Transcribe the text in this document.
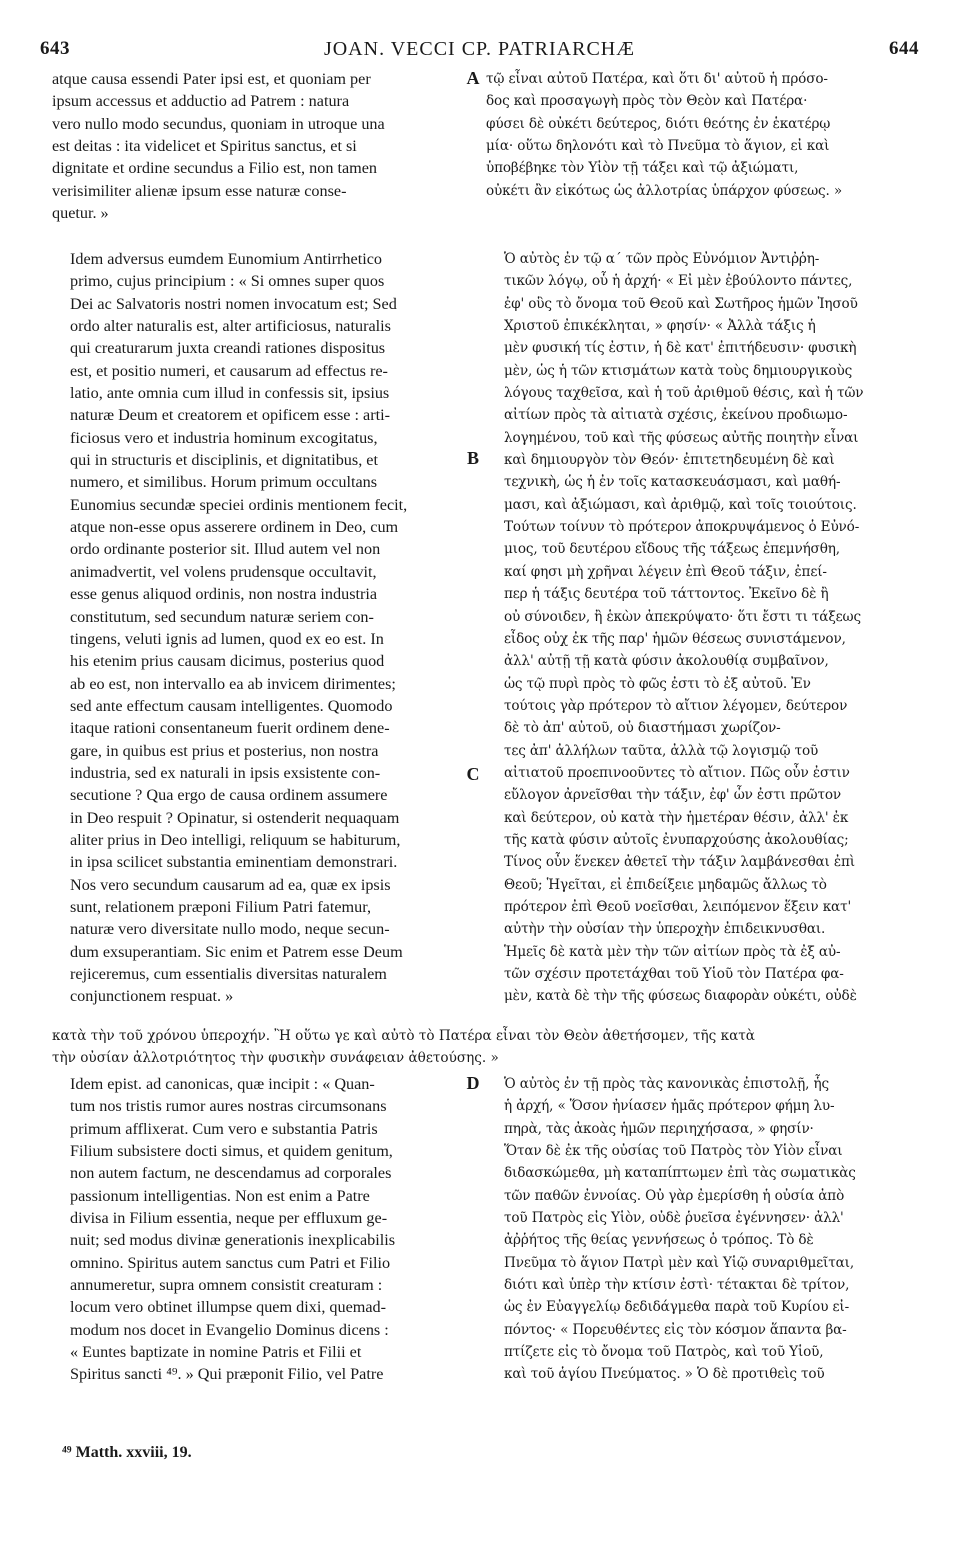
643	JOAN. VECCI CP. PATRIARCHÆ	644

atque causa essendi Pater ipsi est, et quoniam per
ipsum accessus et adductio ad Patrem : natura
vero nullo modo secundus, quoniam in utroque una
est deitas : ita videlicet et Spiritus sanctus, et si
dignitate et ordine secundus a Filio est, non tamen
verisimiliter alienæ ipsum esse naturæ conse-
quetur. »

A τῷ εἶναι αὐτοῦ Πατέρα, καὶ ὅτι δι' αὐτοῦ ἡ πρόσο-
δος καὶ προσαγωγὴ πρὸς τὸν Θεὸν καὶ Πατέρα·
φύσει δὲ οὐκέτι δεύτερος, διότι θεότης ἐν ἑκατέρῳ
μία· οὕτω δηλονότι καὶ τὸ Πνεῦμα τὸ ἅγιον, εἰ καὶ
ὑποβέβηκε τὸν Υἱὸν τῇ τάξει καὶ τῷ ἀξιώματι,
οὐκέτι ἂν εἰκότως ὡς ἀλλοτρίας ὑπάρχον φύσεως. »

Idem adversus eumdem Eunomium Antirrhetico
primo, cujus principium : « Si omnes super quos
Dei ac Salvatoris nostri nomen invocatum est; Sed
ordo alter naturalis est, alter artificiosus, naturalis
qui creaturarum juxta creandi rationes dispositus
est, et positio numeri, et causarum ad effectus re-
latio, ante omnia cum illud in confessis sit, ipsius
naturæ Deum et creatorem et opificem esse : arti-
ficiosus vero et industria hominum excogitatus,
qui in structuris et disciplinis, et dignitatibus, et
numero, et similibus. Horum primum occultans
Eunomius secundæ speciei ordinis mentionem fecit,
atque non-esse opus asserere ordinem in Deo, cum
ordo ordinante posterior sit. Illud autem vel non
animadvertit, vel volens prudensque occultavit,
esse genus aliquod ordinis, non nostra industria
constitutum, sed secundum naturæ seriem con-
tingens, veluti ignis ad lumen, quod ex eo est. In
his etenim prius causam dicimus, posterius quod
ab eo est, non intervallo ea ab invicem dirimentes;
sed ante effectum causam intelligentes. Quomodo
itaque rationi consentaneum fuerit ordinem dene-
gare, in quibus est prius et posterius, non nostra
industria, sed ex naturali in ipsis exsistente con-
secutione ? Qua ergo de causa ordinem assumere
in Deo respuit ? Opinatur, si ostenderit nequaquam
aliter prius in Deo intelligi, reliquum se habiturum,
in ipsa scilicet substantia eminentiam demonstrari.
Nos vero secundum causarum ad ea, quæ ex ipsis
sunt, relationem præponi Filium Patri fatemur,
naturæ vero diversitate nullo modo, neque secun-
dum exsuperantiam. Sic enim et Patrem esse Deum
rejiceremus, cum essentialis diversitas naturalem
conjunctionem respuat. »

B
C

Ὁ αὐτὸς ἐν τῷ α΄ τῶν πρὸς Εὐνόμιον Ἀντιῤῥη-
τικῶν λόγῳ, οὗ ἡ ἀρχή· « Εἰ μὲν ἐβούλοντο πάντες,
ἐφ' οὓς τὸ ὄνομα τοῦ Θεοῦ καὶ Σωτῆρος ἡμῶν Ἰησοῦ
Χριστοῦ ἐπικέκληται, » φησίν· « Ἀλλὰ τάξις ἡ
μὲν φυσική τίς ἐστιν, ἡ δὲ κατ' ἐπιτήδευσιν· φυσικὴ
μὲν, ὡς ἡ τῶν κτισμάτων κατὰ τοὺς δημιουργικοὺς
λόγους ταχθεῖσα, καὶ ἡ τοῦ ἀριθμοῦ θέσις, καὶ ἡ τῶν
αἰτίων πρὸς τὰ αἰτιατὰ σχέσις, ἐκείνου προδιωμο-
λογημένου, τοῦ καὶ τῆς φύσεως αὐτῆς ποιητὴν εἶναι
καὶ δημιουργὸν τὸν Θεόν· ἐπιτετηδευμένη δὲ καὶ
τεχνικὴ, ὡς ἡ ἐν τοῖς κατασκευάσμασι, καὶ μαθή-
μασι, καὶ ἀξιώμασι, καὶ ἀριθμῷ, καὶ τοῖς τοιούτοις.
Τούτων τοίνυν τὸ πρότερον ἀποκρυψάμενος ὁ Εὐνό-
μιος, τοῦ δευτέρου εἴδους τῆς τάξεως ἐπεμνήσθη,
καί φησι μὴ χρῆναι λέγειν ἐπὶ Θεοῦ τάξιν, ἐπεί-
περ ἡ τάξις δευτέρα τοῦ τάττοντος. Ἐκεῖνο δὲ ἢ
οὐ σύνοιδεν, ἢ ἑκὼν ἀπεκρύψατο· ὅτι ἔστι τι τάξεως
εἶδος οὐχ ἐκ τῆς παρ' ἡμῶν θέσεως συνιστάμενον,
ἀλλ' αὐτῇ τῇ κατὰ φύσιν ἀκολουθίᾳ συμβαῖνον,
ὡς τῷ πυρὶ πρὸς τὸ φῶς ἐστι τὸ ἐξ αὐτοῦ. Ἐν
τούτοις γὰρ πρότερον τὸ αἴτιον λέγομεν, δεύτερον
δὲ τὸ ἀπ' αὐτοῦ, οὐ διαστήμασι χωρίζον-
τες ἀπ' ἀλλήλων ταῦτα, ἀλλὰ τῷ λογισμῷ τοῦ
αἰτιατοῦ προεπινοοῦντες τὸ αἴτιον. Πῶς οὖν ἐστιν
εὔλογον ἀρνεῖσθαι τὴν τάξιν, ἐφ' ὧν ἐστι πρῶτον
καὶ δεύτερον, οὐ κατὰ τὴν ἡμετέραν θέσιν, ἀλλ' ἐκ
τῆς κατὰ φύσιν αὐτοῖς ἐνυπαρχούσης ἀκολουθίας;
Τίνος οὖν ἕνεκεν ἀθετεῖ τὴν τάξιν λαμβάνεσθαι ἐπὶ
Θεοῦ; Ἡγεῖται, εἰ ἐπιδείξειε μηδαμῶς ἄλλως τὸ
πρότερον ἐπὶ Θεοῦ νοεῖσθαι, λειπόμενον ἕξειν κατ'
αὐτὴν τὴν οὐσίαν τὴν ὑπεροχὴν ἐπιδεικνυσθαι.
Ἡμεῖς δὲ κατὰ μὲν τὴν τῶν αἰτίων πρὸς τὰ ἐξ αὐ-
τῶν σχέσιν προτετάχθαι τοῦ Υἱοῦ τὸν Πατέρα φα-
μὲν, κατὰ δὲ τὴν τῆς φύσεως διαφορὰν οὐκέτι, οὐδὲ

κατὰ τὴν τοῦ χρόνου ὑπεροχήν. Ἢ οὕτω γε καὶ αὐτὸ τὸ Πατέρα εἶναι τὸν Θεὸν ἀθετήσομεν, τῆς κατὰ
τὴν οὐσίαν ἀλλοτριότητος τὴν φυσικὴν συνάφειαν ἀθετούσης. »

Idem epist. ad canonicas, quæ incipit : « Quan-
tum nos tristis rumor aures nostras circumsonans
primum afflixerat. Cum vero e substantia Patris
Filium subsistere docti simus, et quidem genitum,
non autem factum, ne descendamus ad corporales
passionum intelligentias. Non est enim a Patre
divisa in Filium essentia, neque per effluxum ge-
nuit; sed modus divinæ generationis inexplicabilis
omnino. Spiritus autem sanctus cum Patri et Filio
annumeretur, supra omnem consistit creaturam :
locum vero obtinet illumpse quem dixi, quemad-
modum nos docet in Evangelio Dominus dicens :
« Euntes baptizate in nomine Patris et Filii et
Spiritus sancti ⁴⁹. » Qui præponit Filio, vel Patre

D	Ὁ αὐτὸς ἐν τῇ πρὸς τὰς κανονικὰς ἐπιστολῇ, ἧς
ἡ ἀρχή, « Ὅσον ἠνίασεν ἡμᾶς πρότερον φήμη λυ-
πηρὰ, τὰς ἀκοὰς ἡμῶν περιηχήσασα, » φησίν·
Ὅταν δὲ ἐκ τῆς οὐσίας τοῦ Πατρὸς τὸν Υἱὸν εἶναι
διδασκώμεθα, μὴ καταπίπτωμεν ἐπὶ τὰς σωματικὰς
τῶν παθῶν ἐννοίας. Οὐ γὰρ ἐμερίσθη ἡ οὐσία ἀπὸ
τοῦ Πατρὸς εἰς Υἱὸν, οὐδὲ ῥυεῖσα ἐγέννησεν· ἀλλ'
ἀῤῥήτος τῆς θείας γεννήσεως ὁ τρόπος. Τὸ δὲ
Πνεῦμα τὸ ἅγιον Πατρὶ μὲν καὶ Υἱῷ συναριθμεῖται,
διότι καὶ ὑπὲρ τὴν κτίσιν ἐστὶ· τέτακται δὲ τρίτον,
ὡς ἐν Εὐαγγελίῳ δεδιδάγμεθα παρὰ τοῦ Κυρίου εἰ-
πόντος· « Πορευθέντες εἰς τὸν κόσμον ἅπαντα βα-
πτίζετε εἰς τὸ ὄνομα τοῦ Πατρὸς, καὶ τοῦ Υἱοῦ,
καὶ τοῦ ἁγίου Πνεύματος. » Ὁ δὲ προτιθεὶς τοῦ

⁴⁹ Matth. xxviii, 19.
